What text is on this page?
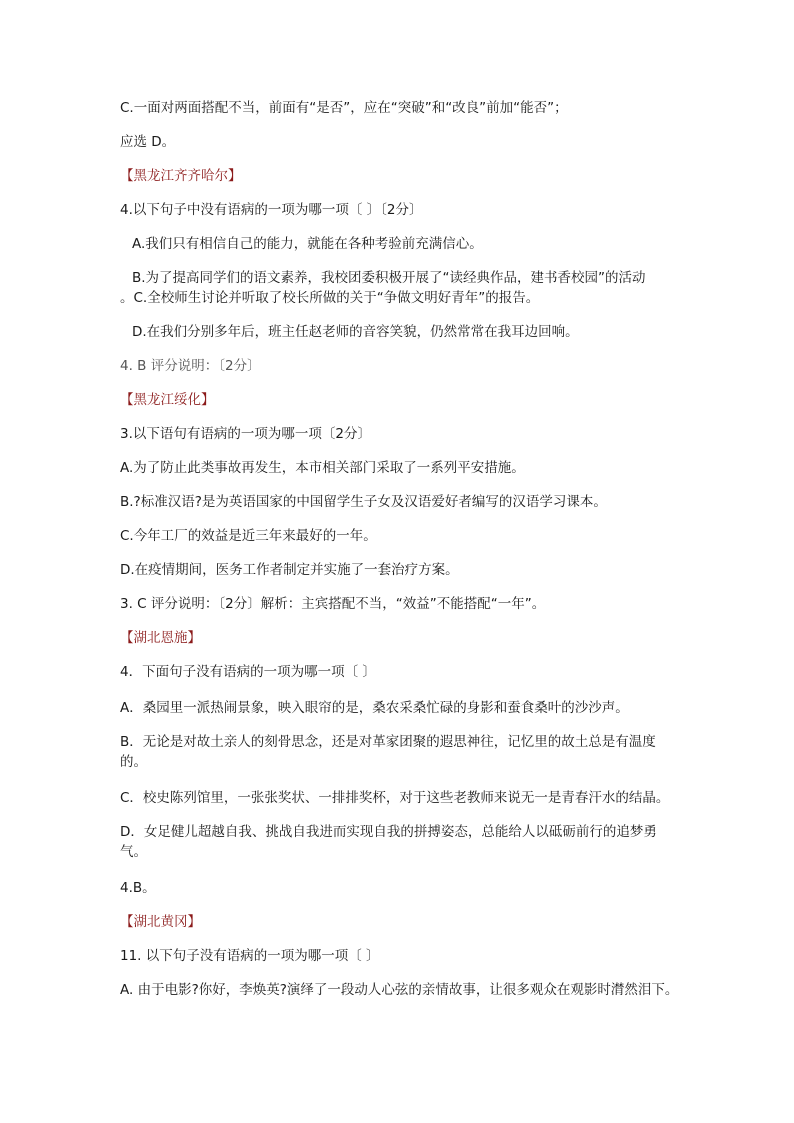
C.一面对两面搭配不当，前面有“是否”，应在“突破”和“改良”前加“能否”；
应选 D。
【黑龙江齐齐哈尔】
4.以下句子中没有语病的一项为哪一项〔 〕〔2分〕
A.我们只有相信自己的能力，就能在各种考验前充满信心。
B.为了提高同学们的语文素养，我校团委积极开展了“读经典作品，建书香校园”的活动
。C.全校师生讨论并听取了校长所做的关于“争做文明好青年”的报告。
D.在我们分别多年后，班主任赵老师的音容笑貌，仍然常常在我耳边回响。
4. B 评分说明：〔2分〕
【黑龙江绥化】
3.以下语句有语病的一项为哪一项〔2分〕
A.为了防止此类事故再发生，本市相关部门采取了一系列平安措施。
B.?标准汉语?是为英语国家的中国留学生子女及汉语爱好者编写的汉语学习课本。
C.今年工厂的效益是近三年来最好的一年。
D.在疫情期间，医务工作者制定并实施了一套治疗方案。
3. C 评分说明：〔2分〕解析：主宾搭配不当，“效益”不能搭配“一年”。
【湖北恩施】
4．下面句子没有语病的一项为哪一项〔 〕
A．桑园里一派热闹景象，映入眼帘的是，桑农采桑忙碌的身影和蚕食桑叶的沙沙声。
B．无论是对故土亲人的刻骨思念，还是对革家团聚的遐思神往，记忆里的故土总是有温度的。
C．校史陈列馆里，一张张奖状、一排排奖杯，对于这些老教师来说无一是青春汗水的结晶。
D．女足健儿超越自我、挑战自我进而实现自我的拼搏姿态，总能给人以砥砺前行的追梦勇气。
4.B。
【湖北黄冈】
11. 以下句子没有语病的一项为哪一项〔 〕
A. 由于电影?你好，李焕英?演绎了一段动人心弦的亲情故事，让很多观众在观影时潸然泪下。
